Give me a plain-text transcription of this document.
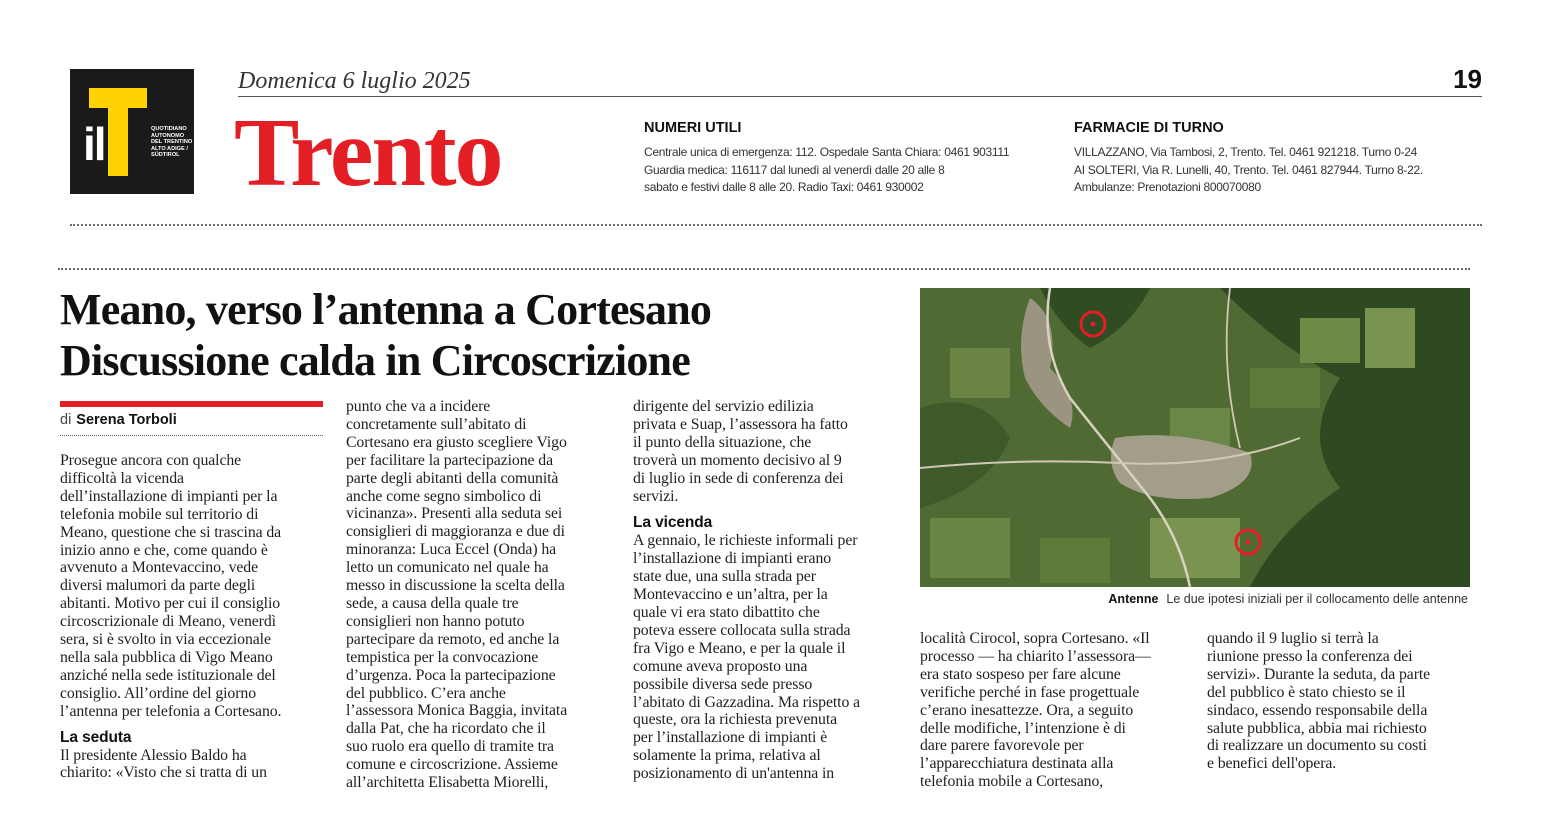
il	QUOTIDIANO
AUTONOMO
DEL TRENTINO
ALTO ADIGE /
SÜDTIROL
Domenica 6 luglio 2025	19
Trento	NUMERI UTILI
Centrale unica di emergenza: 112. Ospedale Santa Chiara: 0461 903111
Guardia medica: 116117 dal lunedì al venerdì dalle 20 alle 8
sabato e festivi dalle 8 alle 20. Radio Taxi: 0461 930002
FARMACIE DI TURNO
VILLAZZANO, Via Tambosi, 2, Trento. Tel. 0461 921218. Turno 0-24
AI SOLTERI, Via R. Lunelli, 40, Trento. Tel. 0461 827944. Turno 8-22.
Ambulanze: Prenotazioni 800070080
Meano, verso l’antenna a Cortesano
Discussione calda in Circoscrizione
di Serena Torboli
Prosegue ancora con qualche
difficoltà la vicenda
dell’installazione di impianti per la
telefonia mobile sul territorio di
Meano, questione che si trascina da
inizio anno e che, come quando è
avvenuto a Montevaccino, vede
diversi malumori da parte degli
abitanti. Motivo per cui il consiglio
circoscrizionale di Meano, venerdì
sera, si è svolto in via eccezionale
nella sala pubblica di Vigo Meano
anziché nella sede istituzionale del
consiglio. All’ordine del giorno
l’antenna per telefonia a Cortesano.
La seduta
Il presidente Alessio Baldo ha
chiarito: «Visto che si tratta di un
punto che va a incidere
concretamente sull’abitato di
Cortesano era giusto scegliere Vigo
per facilitare la partecipazione da
parte degli abitanti della comunità
anche come segno simbolico di
vicinanza». Presenti alla seduta sei
consiglieri di maggioranza e due di
minoranza: Luca Eccel (Onda) ha
letto un comunicato nel quale ha
messo in discussione la scelta della
sede, a causa della quale tre
consiglieri non hanno potuto
partecipare da remoto, ed anche la
tempistica per la convocazione
d’urgenza. Poca la partecipazione
del pubblico. C’era anche
l’assessora Monica Baggia, invitata
dalla Pat, che ha ricordato che il
suo ruolo era quello di tramite tra
comune e circoscrizione. Assieme
all’architetta Elisabetta Miorelli,
dirigente del servizio edilizia
privata e Suap, l’assessora ha fatto
il punto della situazione, che
troverà un momento decisivo al 9
di luglio in sede di conferenza dei
servizi.
La vicenda
A gennaio, le richieste informali per
l’installazione di impianti erano
state due, una sulla strada per
Montevaccino e un’altra, per la
quale vi era stato dibattito che
poteva essere collocata sulla strada
fra Vigo e Meano, e per la quale il
comune aveva proposto una
possibile diversa sede presso
l’abitato di Gazzadina. Ma rispetto a
queste, ora la richiesta prevenuta
per l’installazione di impianti è
solamente la prima, relativa al
posizionamento di un'antenna in
Antenne Le due ipotesi iniziali per il collocamento delle antenne
località Cirocol, sopra Cortesano. «Il
processo — ha chiarito l’assessora—
era stato sospeso per fare alcune
verifiche perché in fase progettuale
c’erano inesattezze. Ora, a seguito
delle modifiche, l’intenzione è di
dare parere favorevole per
l’apparecchiatura destinata alla
telefonia mobile a Cortesano,
quando il 9 luglio si terrà la
riunione presso la conferenza dei
servizi». Durante la seduta, da parte
del pubblico è stato chiesto se il
sindaco, essendo responsabile della
salute pubblica, abbia mai richiesto
di realizzare un documento su costi
e benefici dell'opera.
